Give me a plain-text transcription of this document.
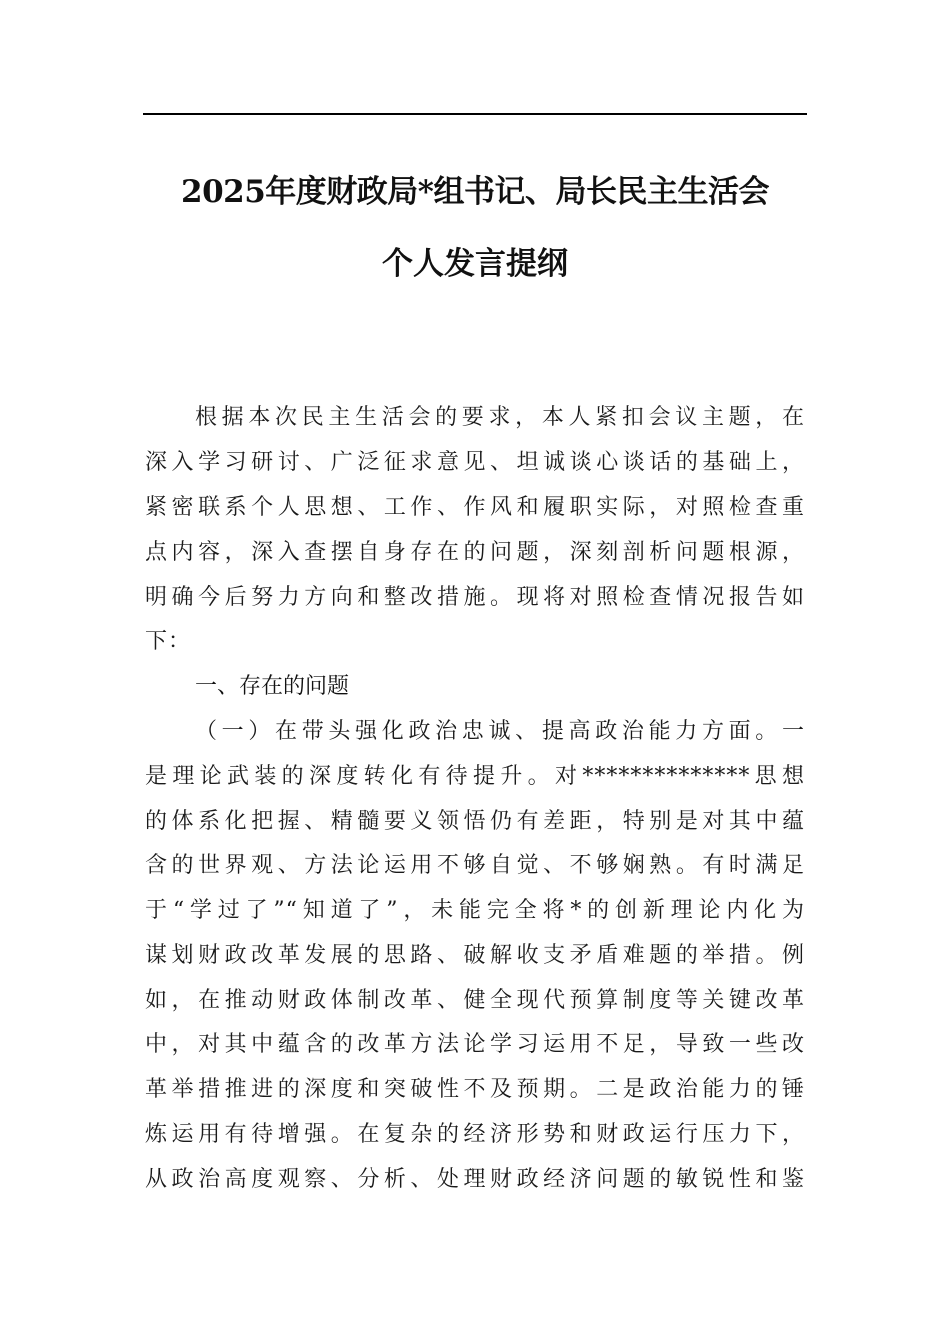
2025年度财政局*组书记、局长民主生活会
个人发言提纲
根据本次民主生活会的要求，本人紧扣会议主题，在
深入学习研讨、广泛征求意见、坦诚谈心谈话的基础上，
紧密联系个人思想、工作、作风和履职实际，对照检查重
点内容，深入查摆自身存在的问题，深刻剖析问题根源，
明确今后努力方向和整改措施。现将对照检查情况报告如
下：
一、存在的问题
（一）在带头强化政治忠诚、提高政治能力方面。一
是理论武装的深度转化有待提升。对**************思想
的体系化把握、精髓要义领悟仍有差距，特别是对其中蕴
含的世界观、方法论运用不够自觉、不够娴熟。有时满足
于“学过了”“知道了”，未能完全将*的创新理论内化为
谋划财政改革发展的思路、破解收支矛盾难题的举措。例
如，在推动财政体制改革、健全现代预算制度等关键改革
中，对其中蕴含的改革方法论学习运用不足，导致一些改
革举措推进的深度和突破性不及预期。二是政治能力的锤
炼运用有待增强。在复杂的经济形势和财政运行压力下，
从政治高度观察、分析、处理财政经济问题的敏锐性和鉴
